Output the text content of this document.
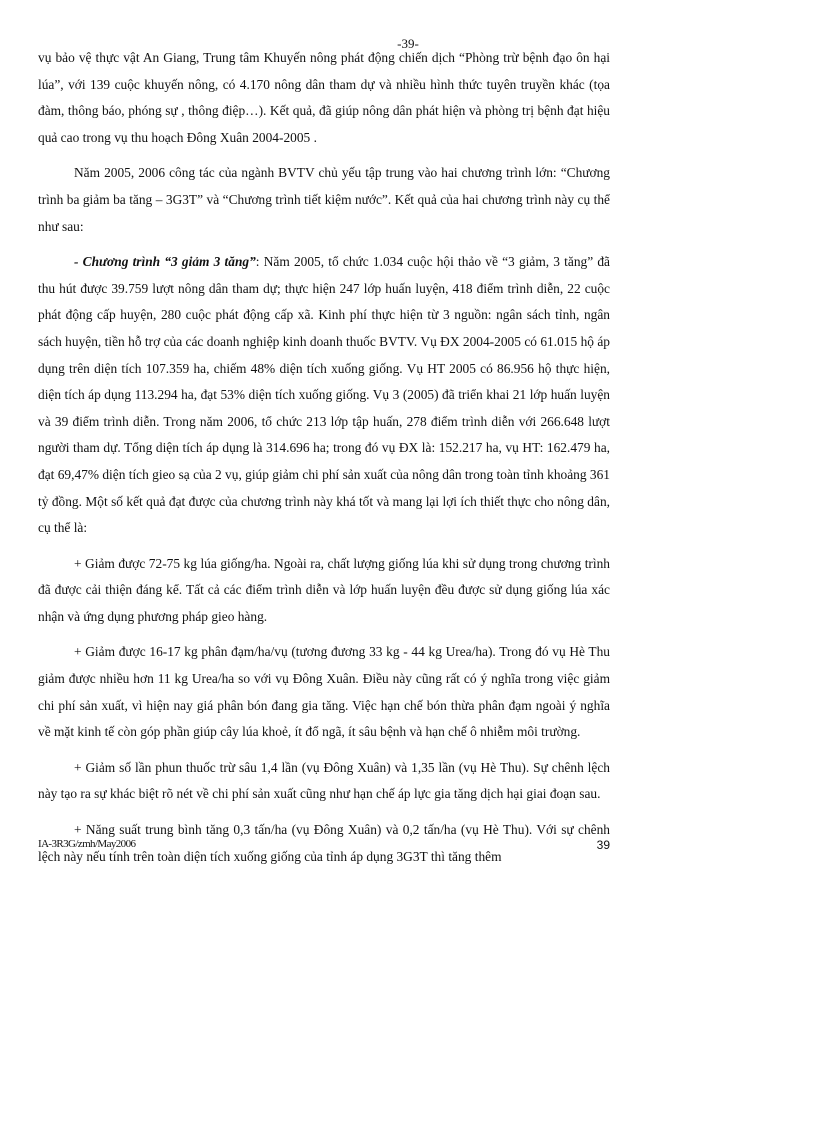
-39-

vụ bảo vệ thực vật An Giang, Trung tâm Khuyến nông phát động chiến dịch “Phòng trừ bệnh đạo ôn hại lúa”, với 139 cuộc khuyến nông, có 4.170 nông dân tham dự và nhiều hình thức tuyên truyền khác (tọa đàm, thông báo, phóng sự , thông điệp…). Kết quả, đã giúp nông dân phát hiện và phòng trị bệnh đạt hiệu quả cao trong vụ thu hoạch Đông Xuân 2004-2005 .

Năm 2005, 2006 công tác của ngành BVTV chủ yếu tập trung vào hai chương trình lớn: “Chương trình ba giảm ba tăng – 3G3T” và “Chương trình tiết kiệm nước”. Kết quả của hai chương trình này cụ thể như sau:

- Chương trình “3 giảm 3 tăng”: Năm 2005, tổ chức 1.034 cuộc hội thảo về “3 giảm, 3 tăng” đã thu hút được 39.759 lượt nông dân tham dự; thực hiện 247 lớp huấn luyện, 418 điểm trình diễn, 22 cuộc phát động cấp huyện, 280 cuộc phát động cấp xã. Kinh phí thực hiện từ 3 nguồn: ngân sách tỉnh, ngân sách huyện, tiền hỗ trợ của các doanh nghiệp kinh doanh thuốc BVTV. Vụ ĐX 2004-2005 có 61.015 hộ áp dụng trên diện tích 107.359 ha, chiếm 48% diện tích xuống giống. Vụ HT 2005 có 86.956 hộ thực hiện, diện tích áp dụng 113.294 ha, đạt 53% diện tích xuống giống. Vụ 3 (2005) đã triển khai 21 lớp huấn luyện và 39 điểm trình diễn. Trong năm 2006, tổ chức 213 lớp tập huấn, 278 điểm trình diễn với 266.648 lượt người tham dự. Tổng diện tích áp dụng là 314.696 ha; trong đó vụ ĐX là: 152.217 ha, vụ HT: 162.479 ha, đạt 69,47% diện tích gieo sạ của 2 vụ, giúp giảm chi phí sản xuất của nông dân trong toàn tỉnh khoảng 361 tỷ đồng. Một số kết quả đạt được của chương trình này khá tốt và mang lại lợi ích thiết thực cho nông dân, cụ thể là:

+ Giảm được 72-75 kg lúa giống/ha. Ngoài ra, chất lượng giống lúa khi sử dụng trong chương trình đã được cải thiện đáng kể. Tất cả các điểm trình diễn và lớp huấn luyện đều được sử dụng giống lúa xác nhận và ứng dụng phương pháp gieo hàng.

+ Giảm được 16-17 kg phân đạm/ha/vụ (tương đương 33 kg - 44 kg Urea/ha). Trong đó vụ Hè Thu giảm được nhiều hơn 11 kg Urea/ha so với vụ Đông Xuân. Điều này cũng rất có ý nghĩa trong việc giảm chi phí sản xuất, vì hiện nay giá phân bón đang gia tăng. Việc hạn chế bón thừa phân đạm ngoài ý nghĩa về mặt kinh tế còn góp phần giúp cây lúa khoẻ, ít đổ ngã, ít sâu bệnh và hạn chế ô nhiễm môi trường.

+ Giảm số lần phun thuốc trừ sâu 1,4 lần (vụ Đông Xuân) và 1,35 lần (vụ Hè Thu). Sự chênh lệch này tạo ra sự khác biệt rõ nét về chi phí sản xuất cũng như hạn chế áp lực gia tăng dịch hại giai đoạn sau.

+ Năng suất trung bình tăng 0,3 tấn/ha (vụ Đông Xuân) và 0,2 tấn/ha (vụ Hè Thu). Với sự chênh lệch này nếu tính trên toàn diện tích xuống giống của tỉnh áp dụng 3G3T thì tăng thêm

IA-3R3G/zmh/May2006	39
